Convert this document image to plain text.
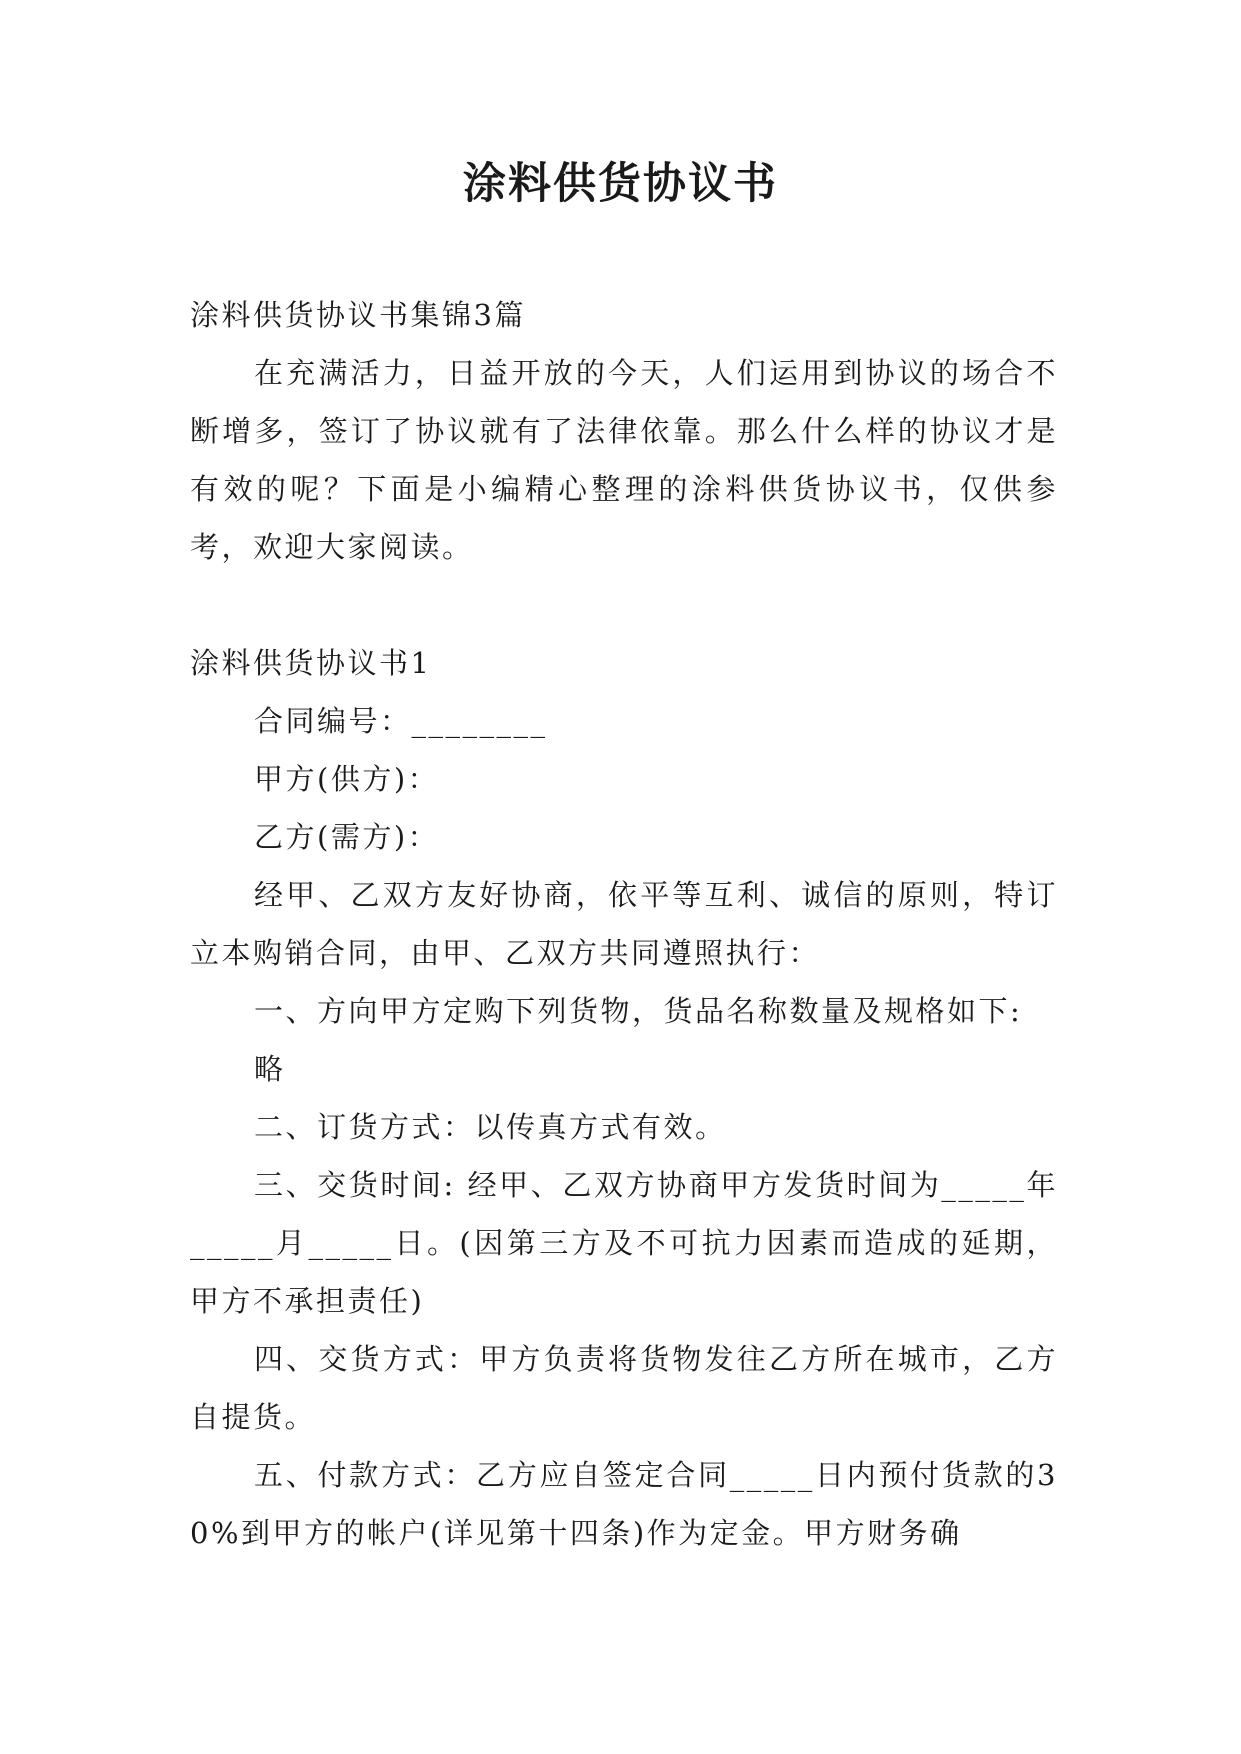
涂料供货协议书

涂料供货协议书集锦3篇

在充满活力，日益开放的今天，人们运用到协议的场合不断增多，签订了协议就有了法律依靠。那么什么样的协议才是有效的呢？下面是小编精心整理的涂料供货协议书，仅供参考，欢迎大家阅读。

涂料供货协议书1

合同编号：________

甲方(供方)：

乙方(需方)：

经甲、乙双方友好协商，依平等互利、诚信的原则，特订立本购销合同，由甲、乙双方共同遵照执行：

一、方向甲方定购下列货物，货品名称数量及规格如下:

略

二、订货方式：以传真方式有效。

三、交货时间: 经甲、乙双方协商甲方发货时间为_____年_____月_____日。(因第三方及不可抗力因素而造成的延期，甲方不承担责任)

四、交货方式：甲方负责将货物发往乙方所在城市，乙方自提货。

五、付款方式：乙方应自签定合同_____日内预付货款的30%到甲方的帐户(详见第十四条)作为定金。甲方财务确
